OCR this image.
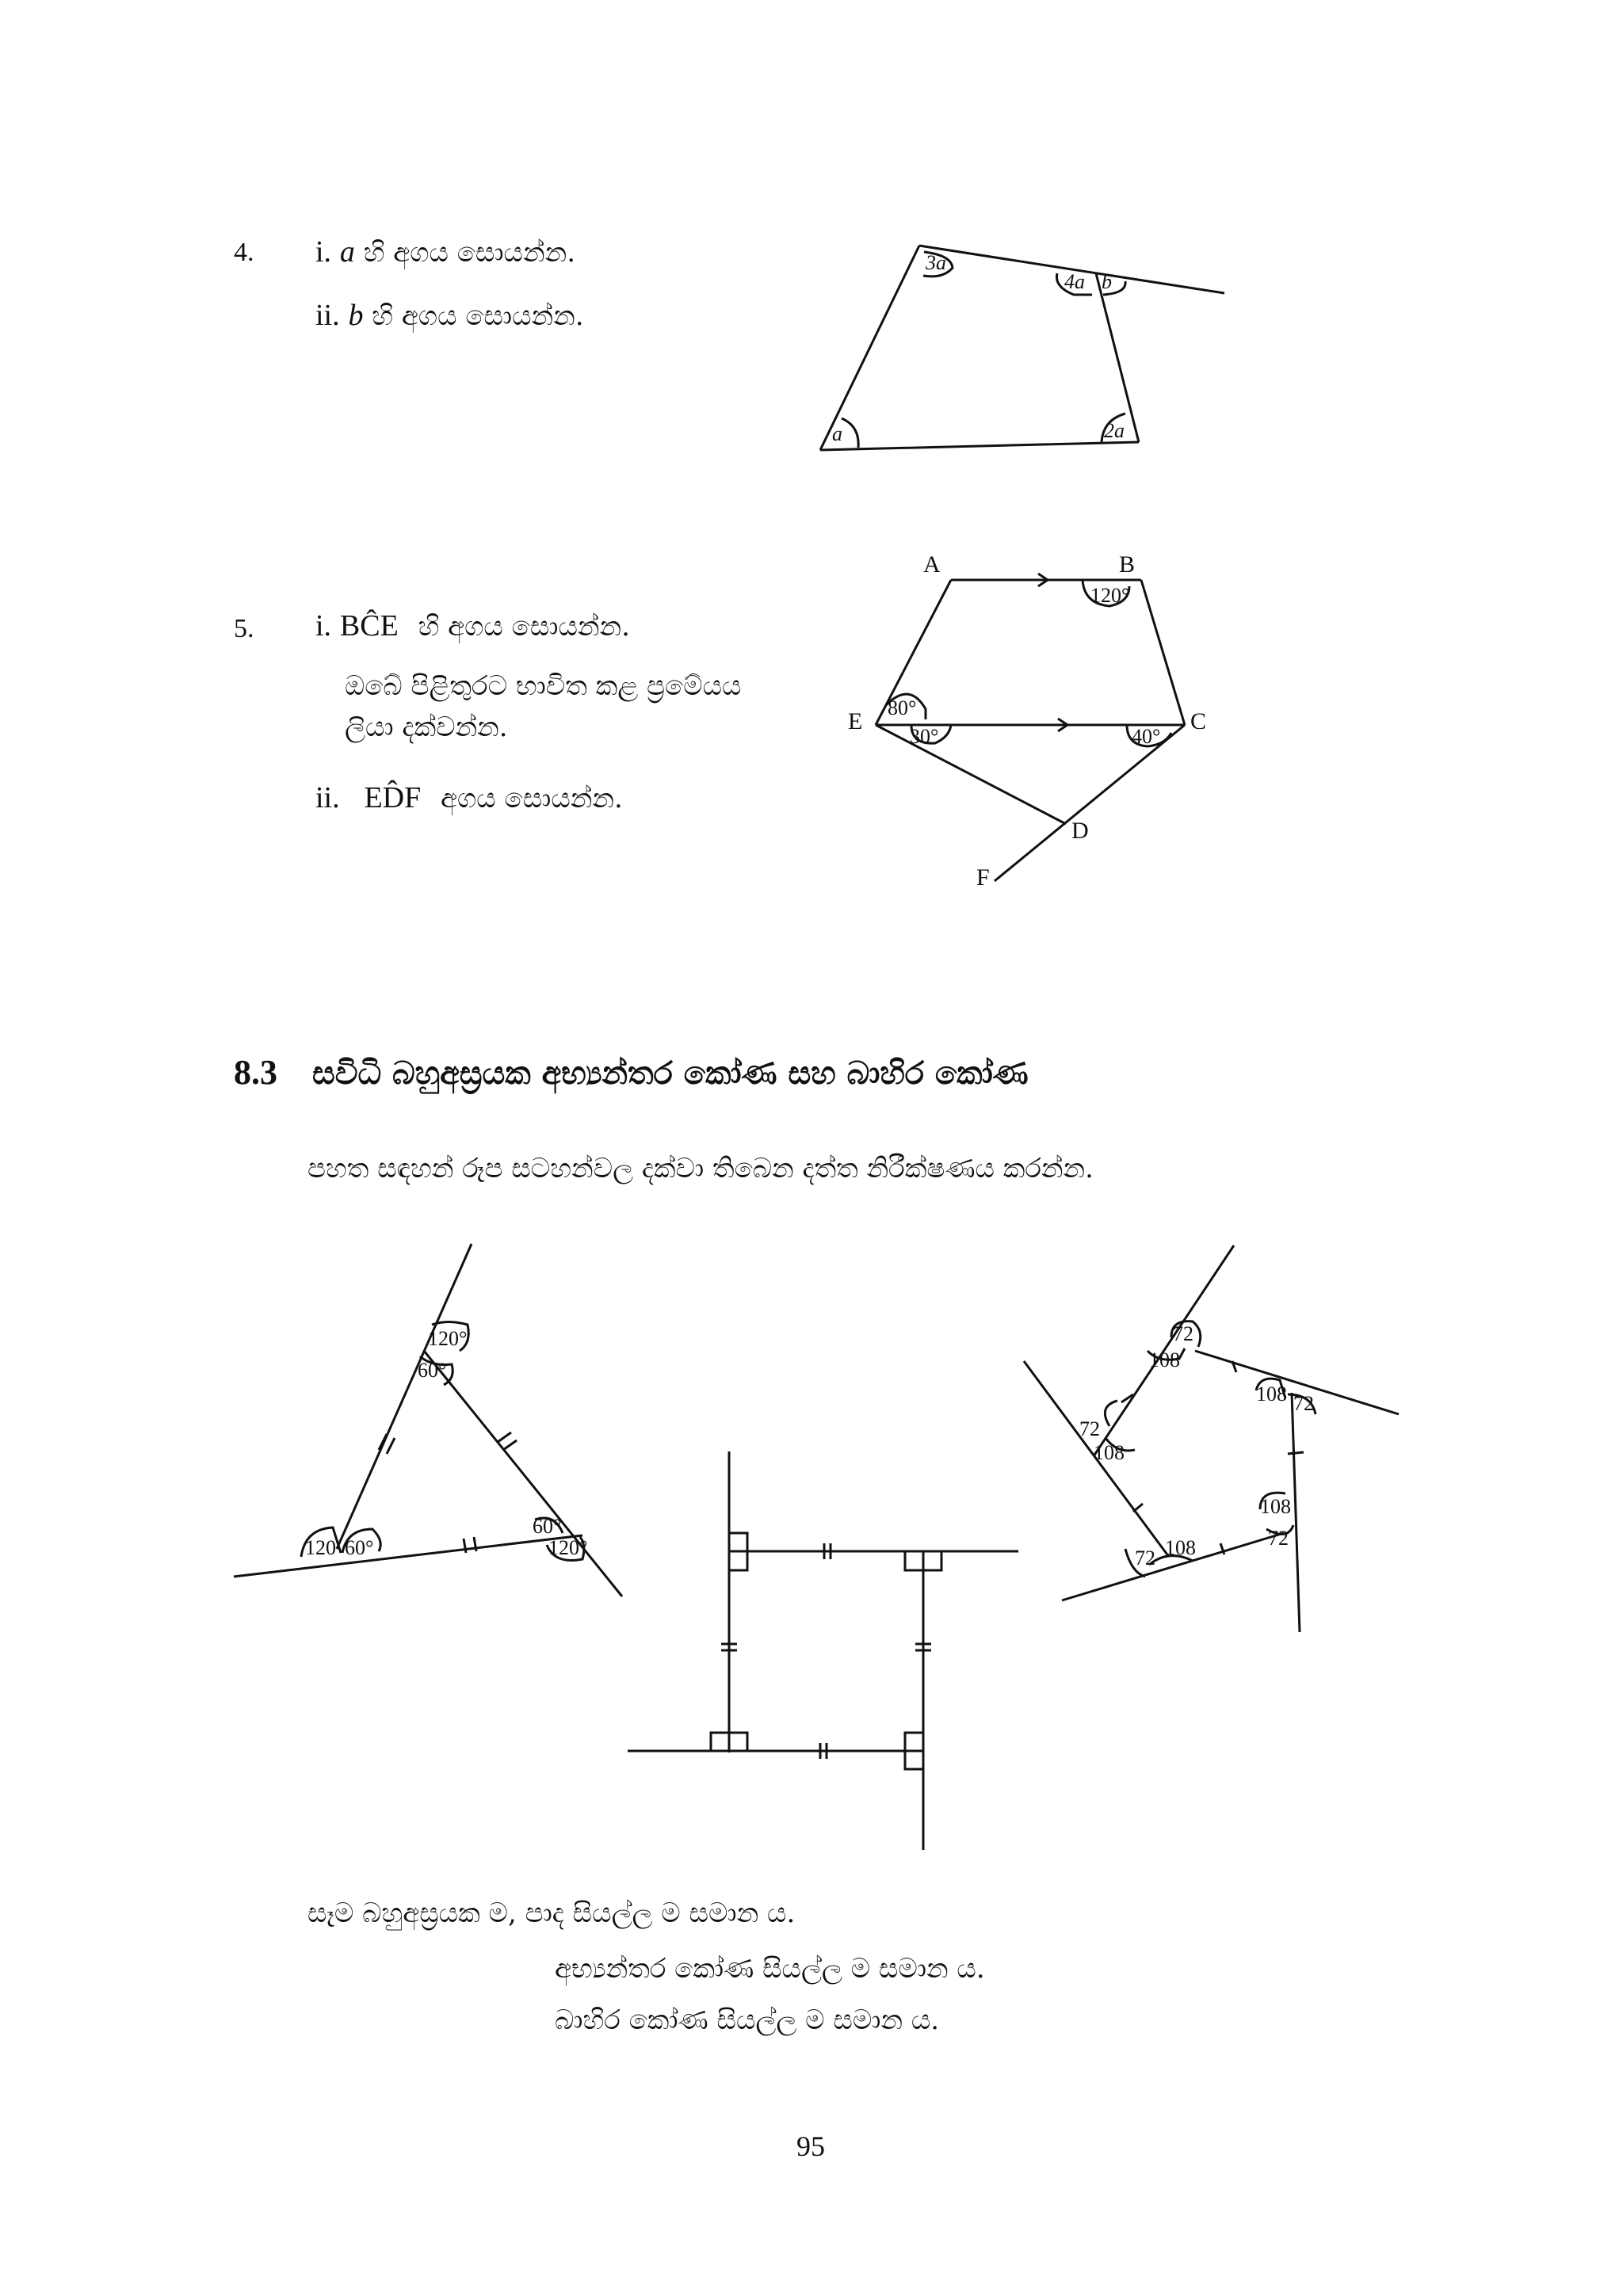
4. i. a හි අගය සොයන්න.
ii. b හි අගය සොයන්න.
3a
4a b
a	2a
5. i. BĈE හි අගය සොයන්න.
ඔබේ පිළිතුරට භාවිත කළ ප්‍රමේයය
ලියා දක්වන්න.
ii. ED̂F අගය සොයන්න.
A	B
C
D
E
F
120°
80°
30°	40°
8.3 සවිධි බහුඅස්‍රයක අභ්‍යන්තර කෝණ සහ බාහිර කෝණ
පහත සඳහන් රූප සටහන්වල දක්වා තිබෙන දත්ත නිරීක්ෂණය කරන්න.
120°
60°
120 60°
60°
120°
72
108
108 72
108
72
72
108
72 108
සෑම බහුඅස්‍රයක ම, පාද සියල්ල ම සමාන ය.
අභ්‍යන්තර කෝණ සියල්ල ම සමාන ය.
බාහිර කෝණ සියල්ල ම සමාන ය.
95
